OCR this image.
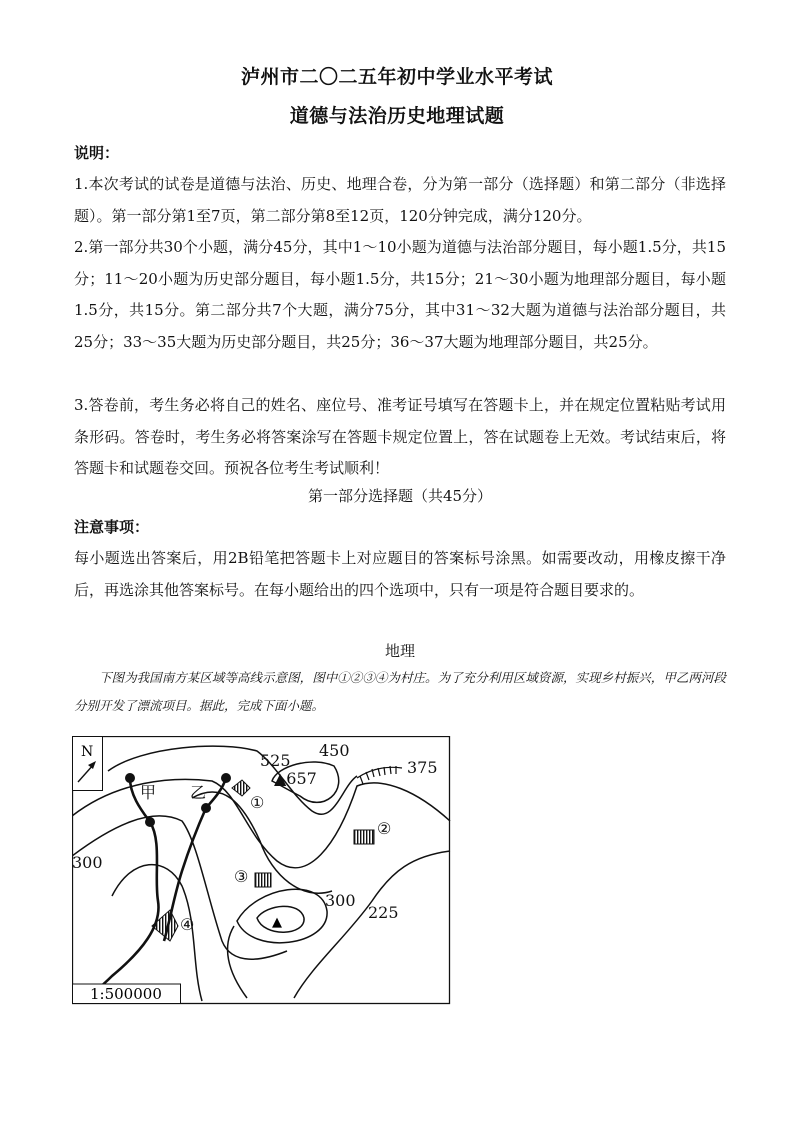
泸州市二〇二五年初中学业水平考试
道德与法治历史地理试题

说明：

1.本次考试的试卷是道德与法治、历史、地理合卷，分为第一部分（选择题）和第二部分（非选择题）。第一部分第1至7页，第二部分第8至12页，120分钟完成，满分120分。

2.第一部分共30个小题，满分45分，其中1～10小题为道德与法治部分题目，每小题1.5分，共15分；11～20小题为历史部分题目，每小题1.5分，共15分；21～30小题为地理部分题目，每小题1.5分，共15分。第二部分共7个大题，满分75分，其中31～32大题为道德与法治部分题目，共25分；33～35大题为历史部分题目，共25分；36～37大题为地理部分题目，共25分。

3.答卷前，考生务必将自己的姓名、座位号、准考证号填写在答题卡上，并在规定位置粘贴考试用条形码。答卷时，考生务必将答案涂写在答题卡规定位置上，答在试题卷上无效。考试结束后，将答题卡和试题卷交回。预祝各位考生考试顺利！

第一部分选择题（共45分）

注意事项：

每小题选出答案后，用2B铅笔把答题卡上对应题目的答案标号涂黑。如需要改动，用橡皮擦干净后，再选涂其他答案标号。在每小题给出的四个选项中，只有一项是符合题目要求的。

地理

下图为我国南方某区域等高线示意图，图中①②③④为村庄。为了充分利用区域资源，实现乡村振兴，甲乙两河段分别开发了漂流项目。据此，完成下面小题。

N	525
450
375
300
300
225
▲657
甲 乙
▲
①
②
③
④
1:500000
